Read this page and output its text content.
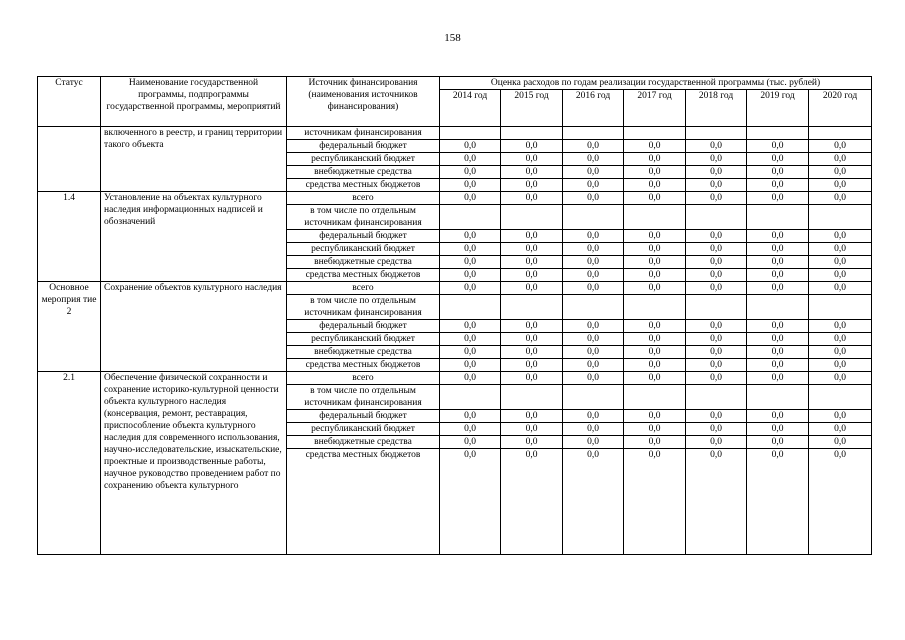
158
Статус	Наименование государственной программы, подпрограммы государственной программы, мероприятий	Источник финансирования (наименования источников финансирования)	Оценка расходов по годам реализации государственной программы (тыс. рублей)						
			2014 год	2015 год	2016 год	2017 год	2018 год	2019 год	2020 год

	включенного в реестр, и границ территории такого объекта	источникам финансирования							
		федеральный бюджет	0,0	0,0	0,0	0,0	0,0	0,0	0,0
		республиканский бюджет	0,0	0,0	0,0	0,0	0,0	0,0	0,0
		внебюджетные средства	0,0	0,0	0,0	0,0	0,0	0,0	0,0
		средства местных бюджетов	0,0	0,0	0,0	0,0	0,0	0,0	0,0
1.4	Установление на объектах культурного наследия информационных надписей и обозначений	всего	0,0	0,0	0,0	0,0	0,0	0,0	0,0
		в том числе по отдельным источникам финансирования							
		федеральный бюджет	0,0	0,0	0,0	0,0	0,0	0,0	0,0
		республиканский бюджет	0,0	0,0	0,0	0,0	0,0	0,0	0,0
		внебюджетные средства	0,0	0,0	0,0	0,0	0,0	0,0	0,0
		средства местных бюджетов	0,0	0,0	0,0	0,0	0,0	0,0	0,0
Основное мероприя тие 2	Сохранение объектов культурного наследия	всего	0,0	0,0	0,0	0,0	0,0	0,0	0,0
		в том числе по отдельным источникам финансирования							
		федеральный бюджет	0,0	0,0	0,0	0,0	0,0	0,0	0,0
		республиканский бюджет	0,0	0,0	0,0	0,0	0,0	0,0	0,0
		внебюджетные средства	0,0	0,0	0,0	0,0	0,0	0,0	0,0
		средства местных бюджетов	0,0	0,0	0,0	0,0	0,0	0,0	0,0
2.1	Обеспечение физической сохранности и сохранение историко-культурной ценности объекта культурного наследия (консервация, ремонт, реставрация, приспособление объекта культурного наследия для современного использования, научно-исследовательские, изыскательские, проектные и производственные работы, научное руководство проведением работ по сохранению объекта культурного	всего	0,0	0,0	0,0	0,0	0,0	0,0	0,0
		в том числе по отдельным источникам финансирования							
		федеральный бюджет	0,0	0,0	0,0	0,0	0,0	0,0	0,0
		республиканский бюджет	0,0	0,0	0,0	0,0	0,0	0,0	0,0
		внебюджетные средства	0,0	0,0	0,0	0,0	0,0	0,0	0,0
		средства местных бюджетов	0,0	0,0	0,0	0,0	0,0	0,0	0,0
